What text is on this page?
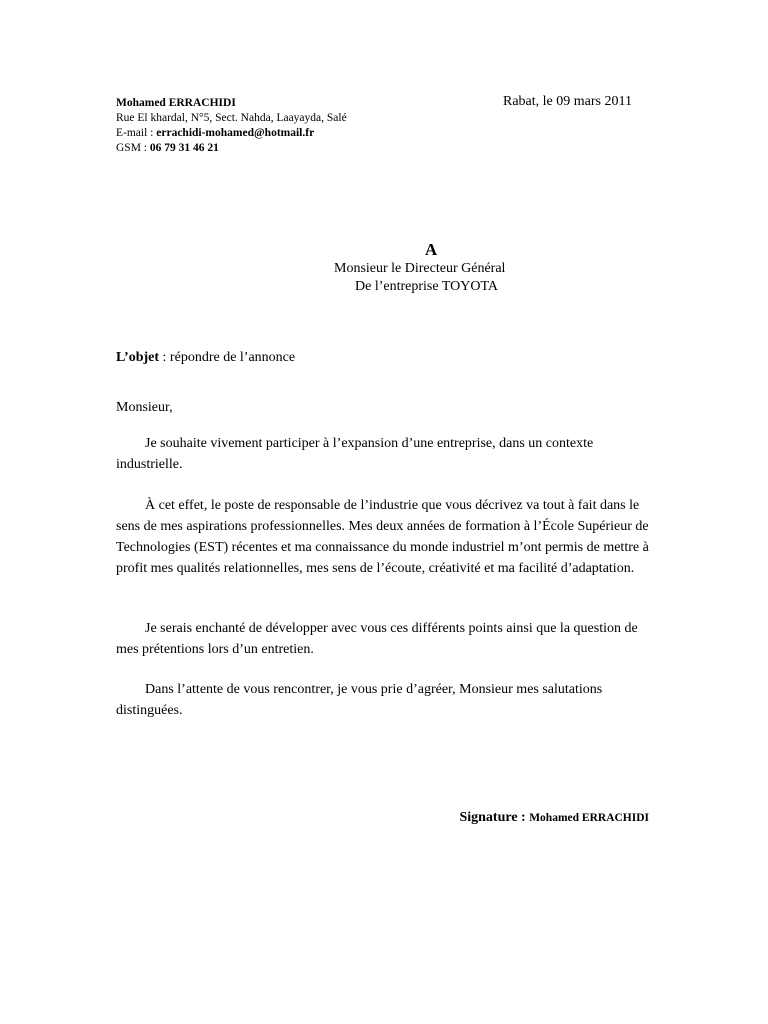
Mohamed ERRACHIDI
Rue El khardal, N°5, Sect. Nahda, Laayayda, Salé
E-mail : errachidi-mohamed@hotmail.fr
GSM : 06 79 31 46 21
Rabat, le 09 mars 2011
A
Monsieur le Directeur Général
De l’entreprise TOYOTA
L’objet : répondre de l’annonce
Monsieur,

Je souhaite vivement participer à l’expansion d’une entreprise, dans un contexte industrielle.

À cet effet, le poste de responsable de l’industrie que vous décrivez va tout à fait dans le sens de mes aspirations professionnelles. Mes deux années de formation à l’École Supérieur de Technologies (EST) récentes et ma connaissance du monde industriel m’ont permis de mettre à profit mes qualités relationnelles, mes sens de l’écoute, créativité et ma facilité d’adaptation.

Je serais enchanté de développer avec vous ces différents points ainsi que la question de mes prétentions lors d’un entretien.

Dans l’attente de vous rencontrer, je vous prie d’agréer, Monsieur mes salutations distinguées.

Signature : Mohamed ERRACHIDI
